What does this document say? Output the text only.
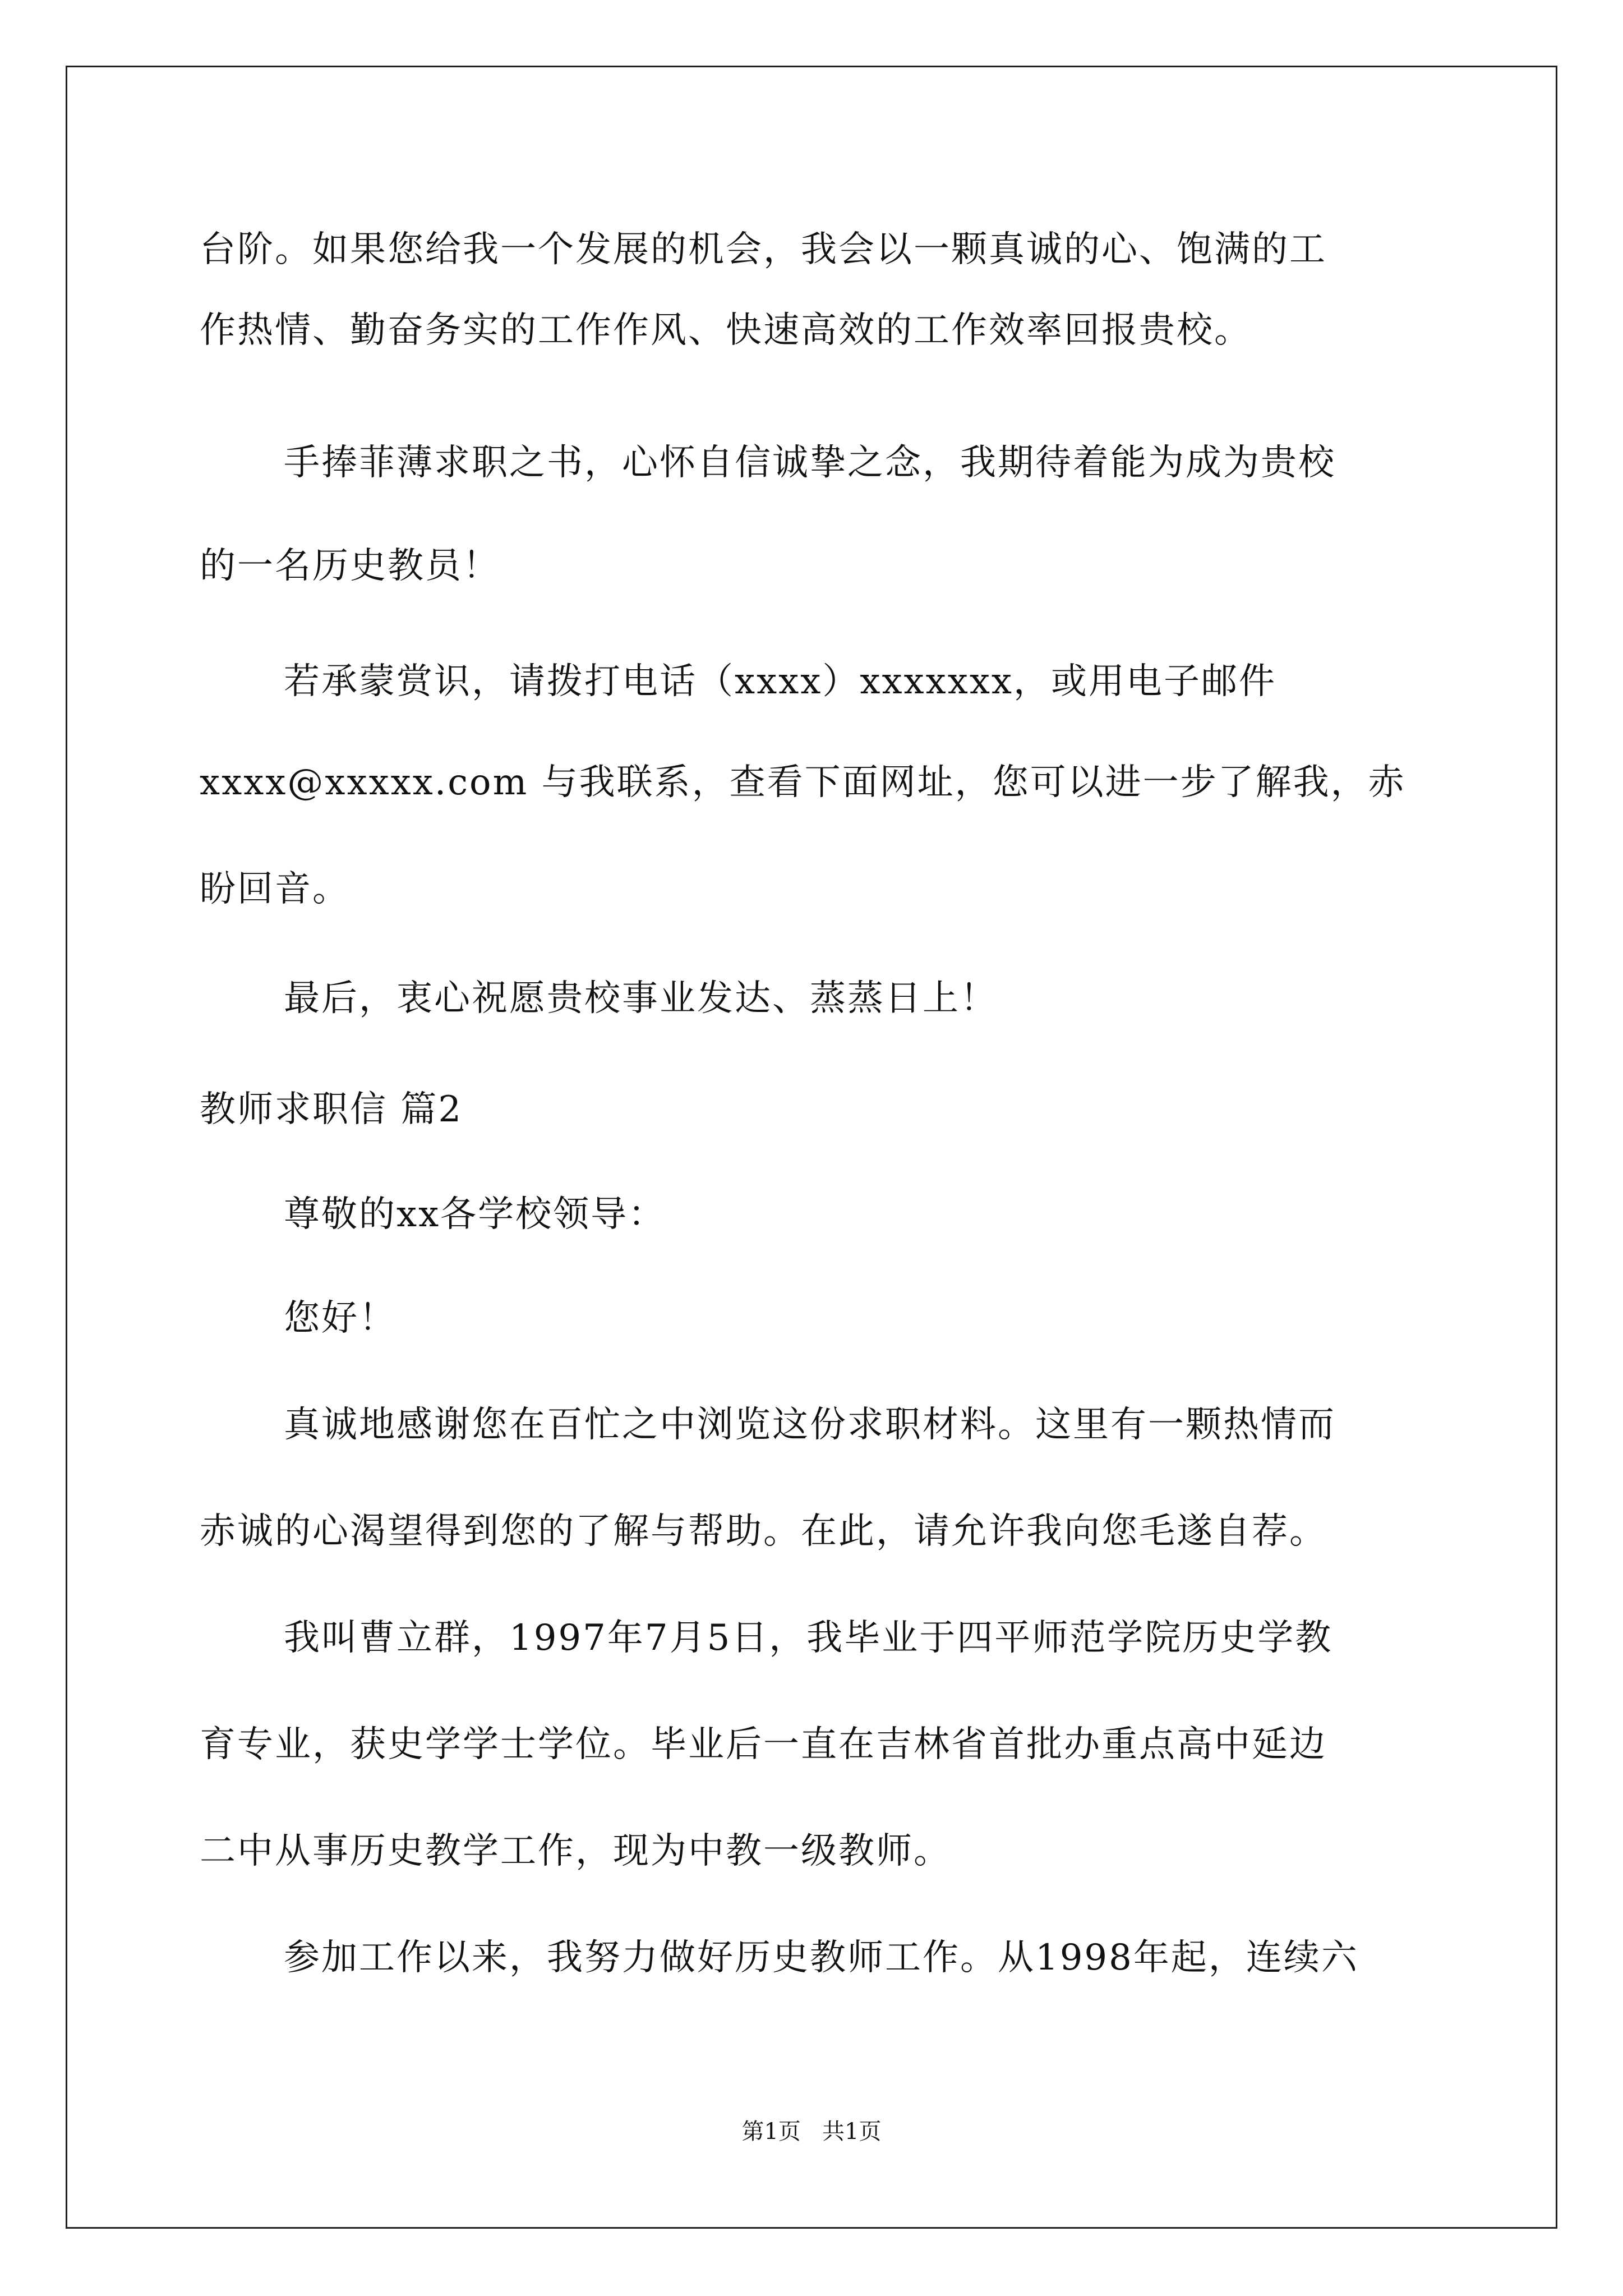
台阶。如果您给我一个发展的机会，我会以一颗真诚的心、饱满的工
作热情、勤奋务实的工作作风、快速高效的工作效率回报贵校。
手捧菲薄求职之书，心怀自信诚挚之念，我期待着能为成为贵校
的一名历史教员！
若承蒙赏识，请拨打电话（xxxx）xxxxxxx，或用电子邮件
xxxx@xxxxx.com 与我联系，查看下面网址，您可以进一步了解我，赤
盼回音。
最后，衷心祝愿贵校事业发达、蒸蒸日上！
教师求职信 篇2
尊敬的xx各学校领导：
您好！
真诚地感谢您在百忙之中浏览这份求职材料。这里有一颗热情而
赤诚的心渴望得到您的了解与帮助。在此，请允许我向您毛遂自荐。
我叫曹立群，1997年7月5日，我毕业于四平师范学院历史学教
育专业，获史学学士学位。毕业后一直在吉林省首批办重点高中延边
二中从事历史教学工作，现为中教一级教师。
参加工作以来，我努力做好历史教师工作。从1998年起，连续六
第1页   共1页
